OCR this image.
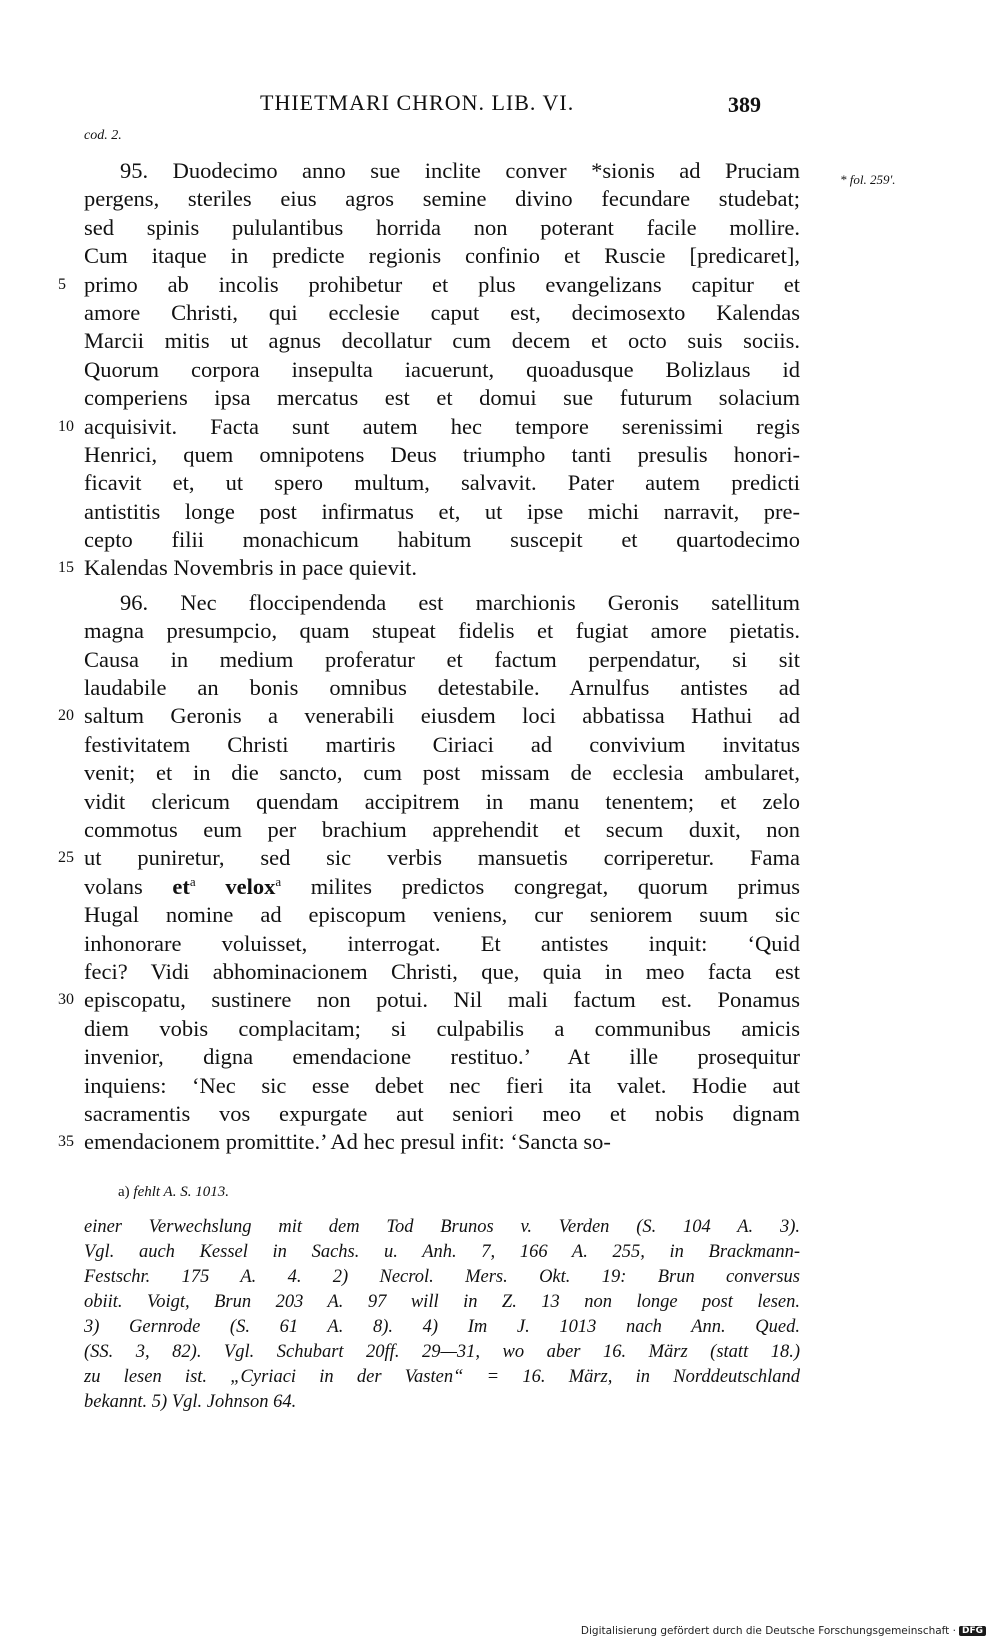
THIETMARI CHRON. LIB. VI.	389
cod. 2.
* fol. 259'.
95. Duodecimo anno sue inclite conver *sionis ad Pruciam
pergens, steriles eius agros semine divino fecundare studebat;
sed spinis pululantibus horrida non poterant facile mollire.
Cum itaque in predicte regionis confinio et Ruscie [predicaret],
5 primo ab incolis prohibetur et plus evangelizans capitur et
amore Christi, qui ecclesie caput est, decimosexto Kalendas
Marcii mitis ut agnus decollatur cum decem et octo suis sociis.
Quorum corpora insepulta iacuerunt, quoadusque Bolizlaus id
comperiens ipsa mercatus est et domui sue futurum solacium
10 acquisivit. Facta sunt autem hec tempore serenissimi regis
Henrici, quem omnipotens Deus triumpho tanti presulis honori-
ficavit et, ut spero multum, salvavit. Pater autem predicti
antistitis longe post infirmatus et, ut ipse michi narravit, pre-
cepto filii monachicum habitum suscepit et quartodecimo
15 Kalendas Novembris in pace quievit.
96. Nec floccipendenda est marchionis Geronis satellitum
magna presumpcio, quam stupeat fidelis et fugiat amore pietatis.
Causa in medium proferatur et factum perpendatur, si sit
laudabile an bonis omnibus detestabile. Arnulfus antistes ad
20 saltum Geronis a venerabili eiusdem loci abbatissa Hathui ad
festivitatem Christi martiris Ciriaci ad convivium invitatus
venit; et in die sancto, cum post missam de ecclesia ambularet,
vidit clericum quendam accipitrem in manu tenentem; et zelo
commotus eum per brachium apprehendit et secum duxit, non
25 ut puniretur, sed sic verbis mansuetis corriperetur. Fama
volans $et^a$ velox$^a$ milites predictos congregat, quorum primus
Hugal nomine ad episcopum veniens, cur seniorem suum sic
inhonorare voluisset, interrogat. Et antistes inquit: ‘Quid
feci? Vidi abhominacionem Christi, que, quia in meo facta est
30 episcopatu, sustinere non potui. Nil mali factum est. Ponamus
diem vobis complacitam; si culpabilis a communibus amicis
invenior, digna emendacione restituo.’ At ille prosequitur
inquiens: ‘Nec sic esse debet nec fieri ita valet. Hodie aut
sacramentis vos expurgate aut seniori meo et nobis dignam
35 emendacionem promittite.’ Ad hec presul infit: ‘Sancta so-
a) fehlt A. S. 1013.
einer Verwechslung mit dem Tod Brunos v. Verden (S. 104 A. 3).
Vgl. auch Kessel in Sachs. u. Anh. 7, 166 A. 255, in Brackmann-
Festschr. 175 A. 4. 2) Necrol. Mers. Okt. 19: Brun conversus
obiit. Voigt, Brun 203 A. 97 will in Z. 13 non longe post lesen.
3) Gernrode (S. 61 A. 8). 4) Im J. 1013 nach Ann. Qued.
(SS. 3, 82). Vgl. Schubart 20ff. 29—31, wo aber 16. März (statt 18.)
zu lesen ist. „Cyriaci in der Vasten“ = 16. März, in Norddeutschland
bekannt. 5) Vgl. Johnson 64.
Digitalisierung gefördert durch die Deutsche Forschungsgemeinschaft · DFG
